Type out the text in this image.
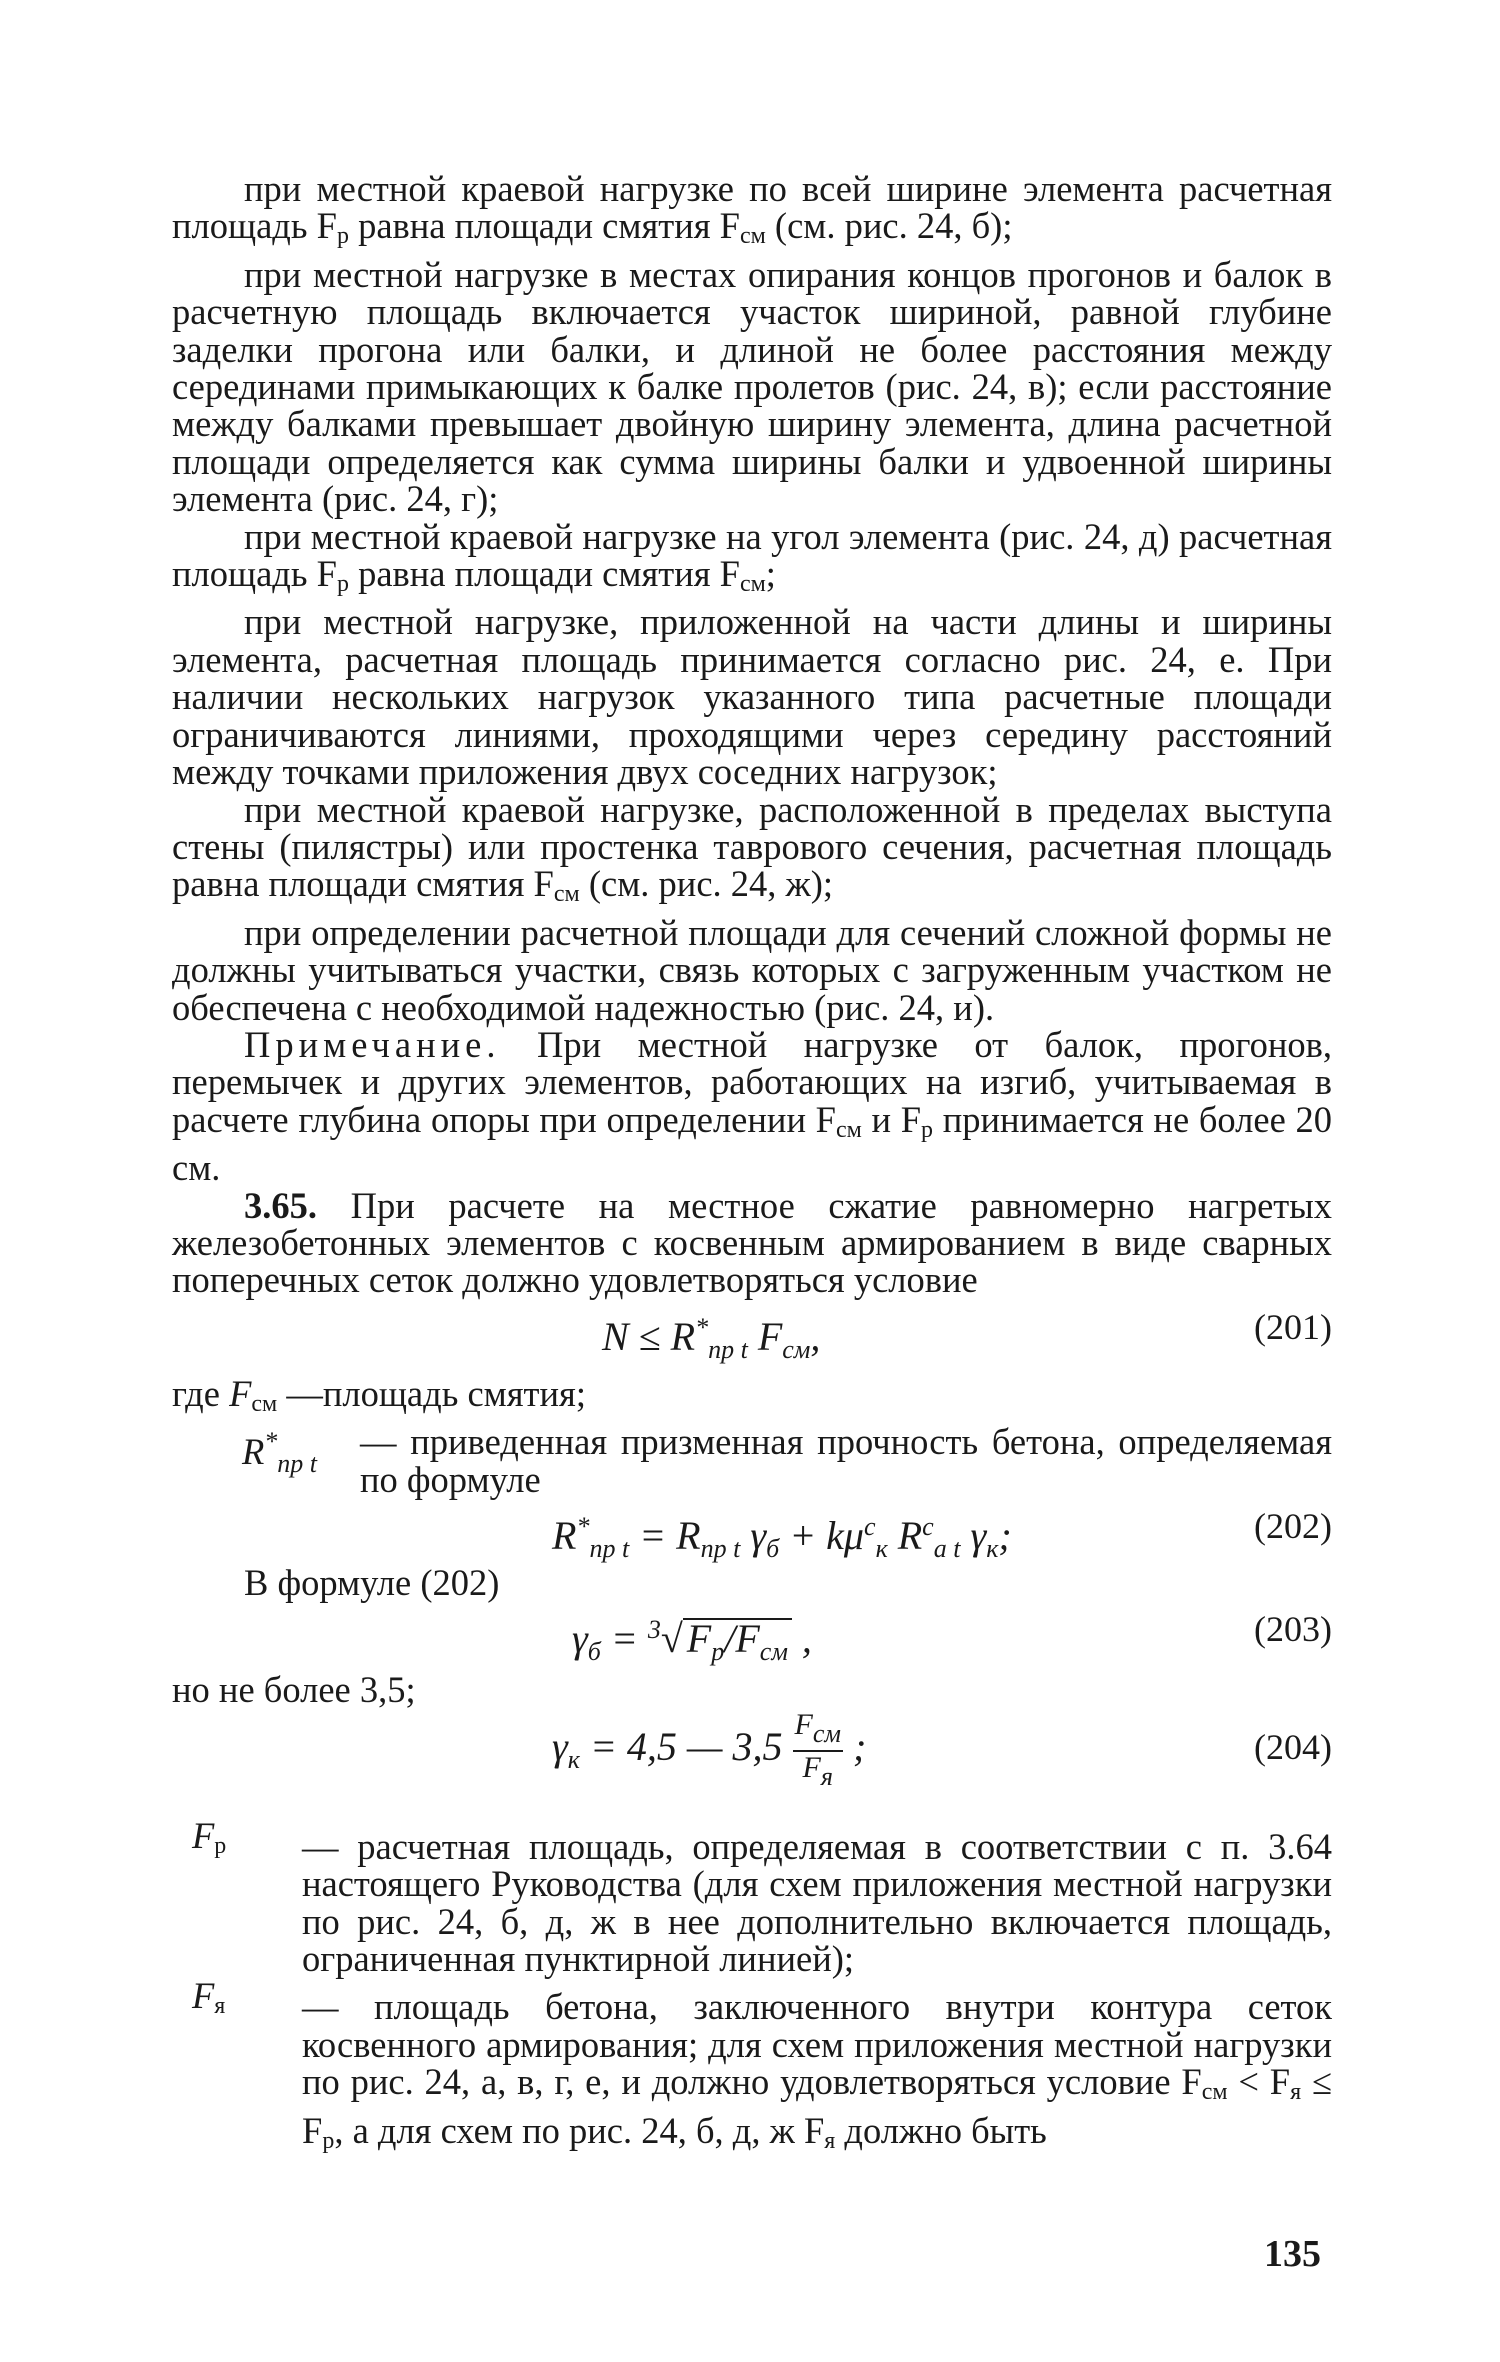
при местной краевой нагрузке по всей ширине элемента расчетная площадь $F_р$ равна площади смятия $F_{см}$ (см. рис. 24, б);

при местной нагрузке в местах опирания концов прогонов и балок в расчетную площадь включается участок шириной, равной глубине заделки прогона или балки, и длиной не более расстояния между серединами примыкающих к балке пролетов (рис. 24, в); если расстояние между балками превышает двойную ширину элемента, длина расчетной площади определяется как сумма ширины балки и удвоенной ширины элемента (рис. 24, г);

при местной краевой нагрузке на угол элемента (рис. 24, д) расчетная площадь $F_р$ равна площади смятия $F_{см}$;

при местной нагрузке, приложенной на части длины и ширины элемента, расчетная площадь принимается согласно рис. 24, е. При наличии нескольких нагрузок указанного типа расчетные площади ограничиваются линиями, проходящими через середину расстояний между точками приложения двух соседних нагрузок;

при местной краевой нагрузке, расположенной в пределах выступа стены (пилястры) или простенка таврового сечения, расчетная площадь равна площади смятия $F_{см}$ (см. рис. 24, ж);

при определении расчетной площади для сечений сложной формы не должны учитываться участки, связь которых с загруженным участком не обеспечена с необходимой надежностью (рис. 24, и).

Примечание. При местной нагрузке от балок, прогонов, перемычек и других элементов, работающих на изгиб, учитываемая в расчете глубина опоры при определении $F_{см}$ и $F_р$ принимается не более 20 см.

3.65. При расчете на местное сжатие равномерно нагретых железобетонных элементов с косвенным армированием в виде сварных поперечных сеток должно удовлетворяться условие

$N \le R^*_{пр t}$ $F_{см}$,	(201)

где $F_{см}$ —площадь смятия;

$R^*_{пр t}$
— приведенная призменная прочность бетона, определяемая по формуле
$R^*_{пр t} = R_{пр t}$ $\gamma_б + k\mu^с_к$ $R^с_{a t}$ $\gamma_к$;	(202)

В формуле (202)

$\gamma_б = ^3√$ $F_р/F_{см}$ ,	(203)

но не более 3,5;

$\gamma_к = 4,5$ — 3,5 Fсм
Fя
;	(204)
$F_р$ — расчетная площадь, определяемая в соответствии с п. 3.64 настоящего Руководства (для схем приложения местной нагрузки по рис. 24, б, д, ж в нее дополнительно включается площадь, ограниченная пунктирной линией);
$F_я$ — площадь бетона, заключенного внутри контура сеток косвенного армирования; для схем приложения местной нагрузки по рис. 24, а, в, г, е, и должно удовлетворяться условие $F_{см} < F_я \le F_р$, а для схем по рис. 24, б, д, ж $F_я$ должно быть
135
